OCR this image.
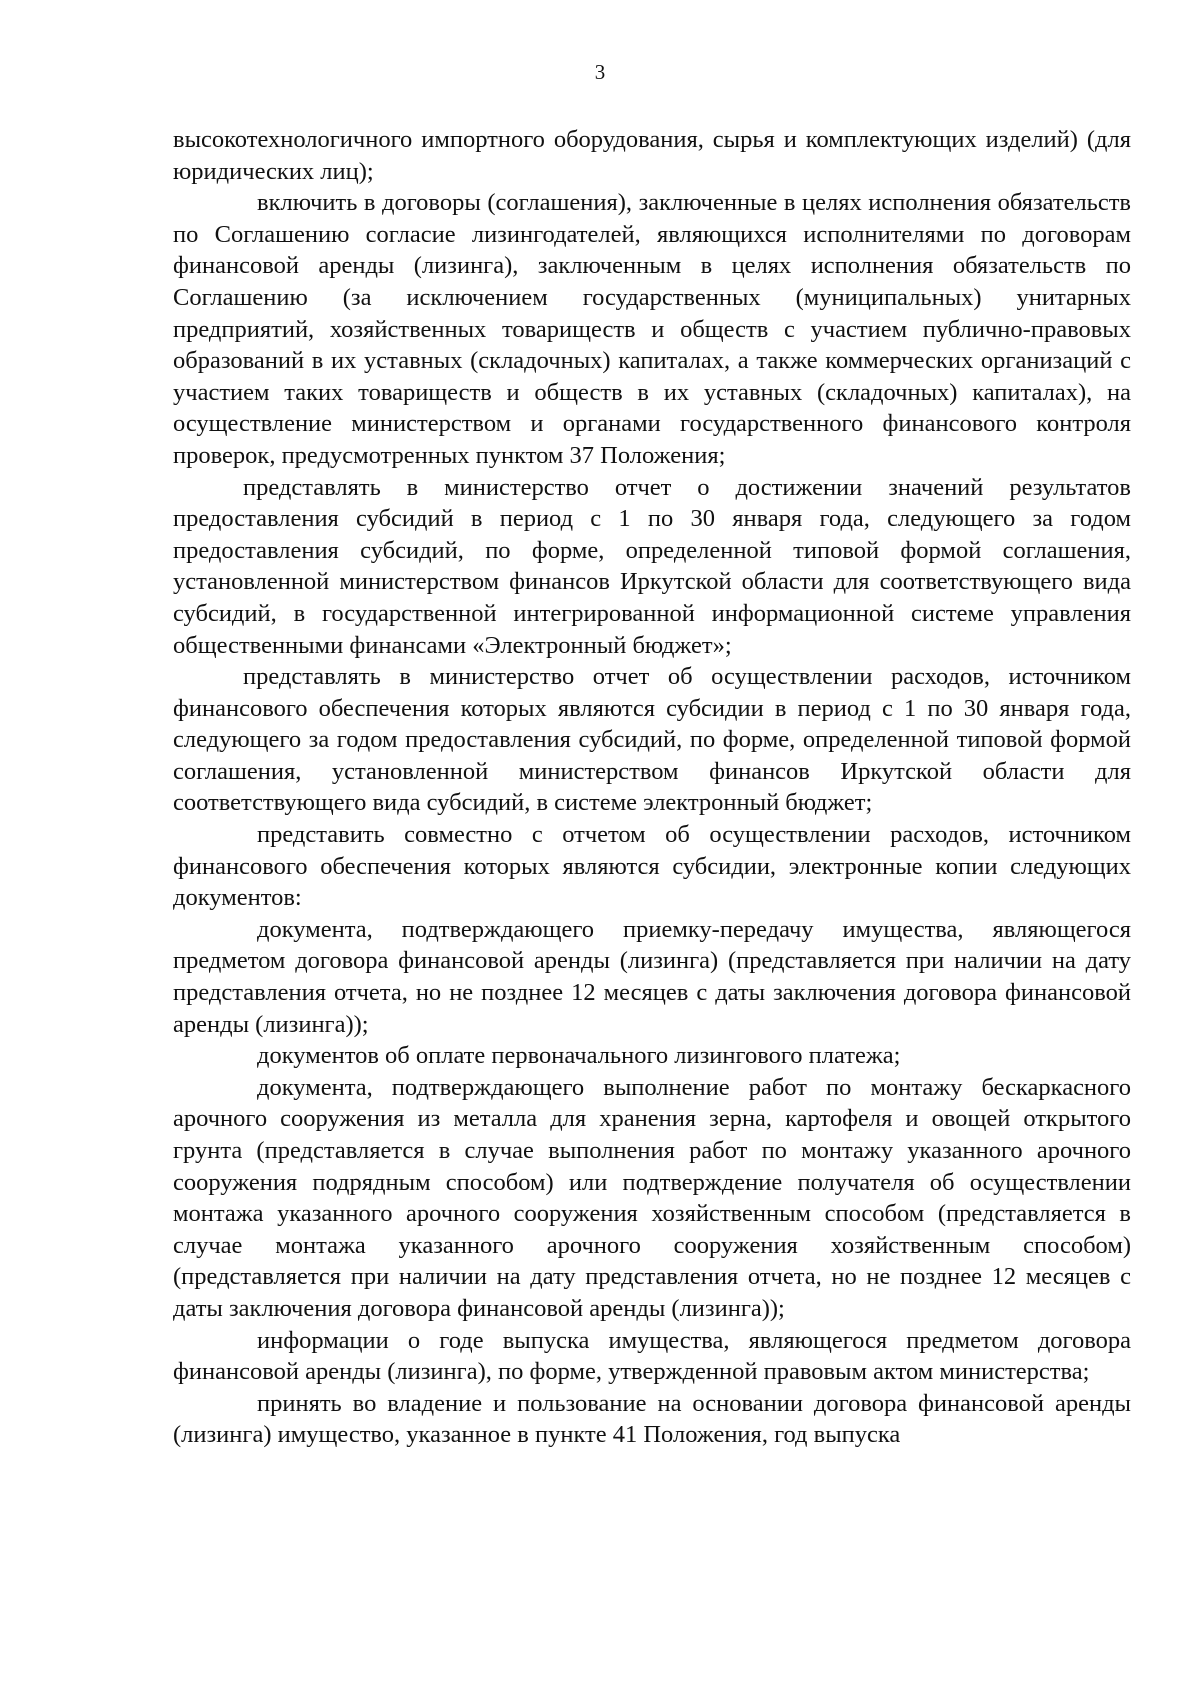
3

высокотехнологичного импортного оборудования, сырья и комплектующих изделий) (для юридических лиц);

включить в договоры (соглашения), заключенные в целях исполнения обязательств по Соглашению согласие лизингодателей, являющихся исполнителями по договорам финансовой аренды (лизинга), заключенным в целях исполнения обязательств по Соглашению (за исключением государственных (муниципальных) унитарных предприятий, хозяйственных товариществ и обществ с участием публично-правовых образований в их уставных (складочных) капиталах, а также коммерческих организаций с участием таких товариществ и обществ в их уставных (складочных) капиталах), на осуществление министерством и органами государственного финансового контроля проверок, предусмотренных пунктом 37 Положения;

представлять в министерство отчет о достижении значений результатов предоставления субсидий в период с 1 по 30 января года, следующего за годом предоставления субсидий, по форме, определенной типовой формой соглашения, установленной министерством финансов Иркутской области для соответствующего вида субсидий, в государственной интегрированной информационной системе управления общественными финансами «Электронный бюджет»;

представлять в министерство отчет об осуществлении расходов, источником финансового обеспечения которых являются субсидии в период с 1 по 30 января года, следующего за годом предоставления субсидий, по форме, определенной типовой формой соглашения, установленной министерством финансов Иркутской области для соответствующего вида субсидий, в системе электронный бюджет;

представить совместно с отчетом об осуществлении расходов, источником финансового обеспечения которых являются субсидии, электронные копии следующих документов:

документа, подтверждающего приемку-передачу имущества, являющегося предметом договора финансовой аренды (лизинга) (представляется при наличии на дату представления отчета, но не позднее 12 месяцев с даты заключения договора финансовой аренды (лизинга));

документов об оплате первоначального лизингового платежа;

документа, подтверждающего выполнение работ по монтажу бескаркасного арочного сооружения из металла для хранения зерна, картофеля и овощей открытого грунта (представляется в случае выполнения работ по монтажу указанного арочного сооружения подрядным способом) или подтверждение получателя об осуществлении монтажа указанного арочного сооружения хозяйственным способом (представляется в случае монтажа указанного арочного сооружения хозяйственным способом) (представляется при наличии на дату представления отчета, но не позднее 12 месяцев с даты заключения договора финансовой аренды (лизинга));

информации о годе выпуска имущества, являющегося предметом договора финансовой аренды (лизинга), по форме, утвержденной правовым актом министерства;

принять во владение и пользование на основании договора финансовой аренды (лизинга) имущество, указанное в пункте 41 Положения, год выпуска
